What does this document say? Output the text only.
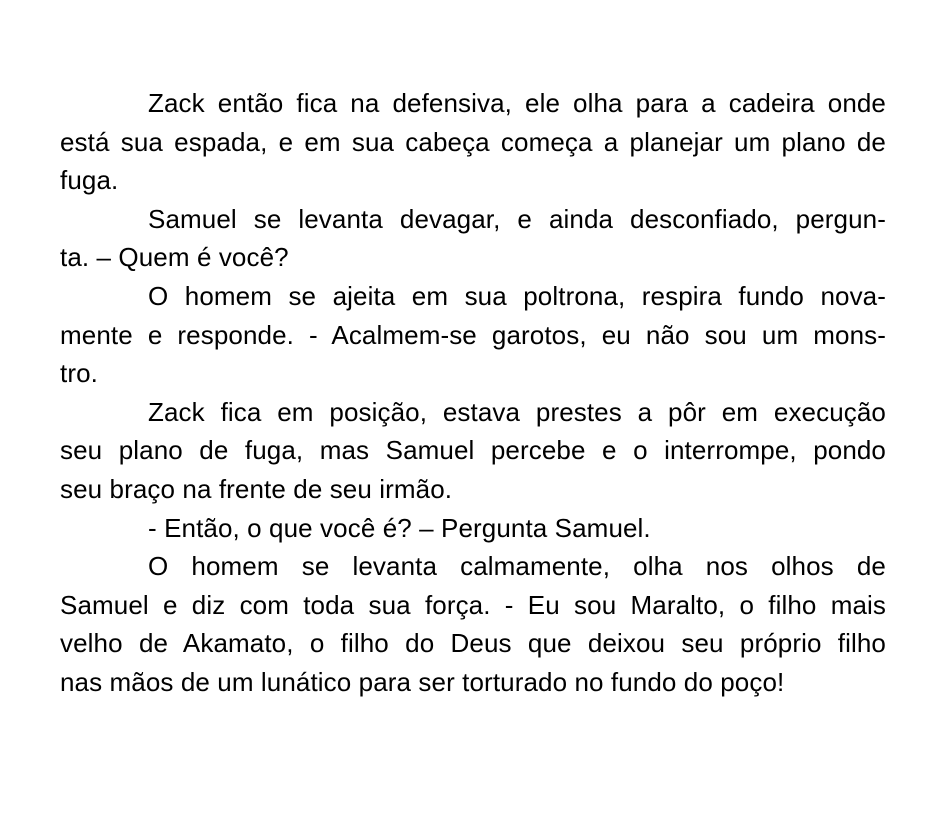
Zack então fica na defensiva, ele olha para a cadeira onde
está sua espada, e em sua cabeça começa a planejar um plano de
fuga.

Samuel se levanta devagar, e ainda desconfiado, pergun-
ta. – Quem é você?

O homem se ajeita em sua poltrona, respira fundo nova-
mente e responde. - Acalmem-se garotos, eu não sou um mons-
tro.

Zack fica em posição, estava prestes a pôr em execução
seu plano de fuga, mas Samuel percebe e o interrompe, pondo
seu braço na frente de seu irmão.

- Então, o que você é? – Pergunta Samuel.

O homem se levanta calmamente, olha nos olhos de
Samuel e diz com toda sua força. - Eu sou Maralto, o filho mais
velho de Akamato, o filho do Deus que deixou seu próprio filho
nas mãos de um lunático para ser torturado no fundo do poço!
